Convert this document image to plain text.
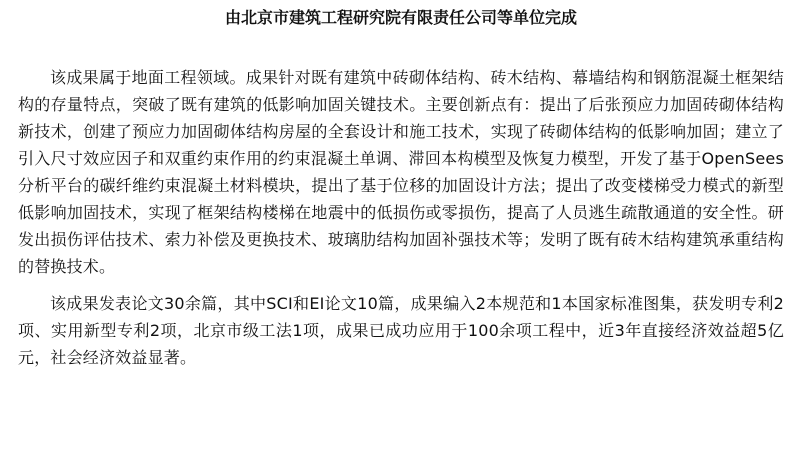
由北京市建筑工程研究院有限责任公司等单位完成

该成果属于地面工程领域。成果针对既有建筑中砖砌体结构、砖木结构、幕墙结构和钢筋混凝土框架结构的存量特点，突破了既有建筑的低影响加固关键技术。主要创新点有：提出了后张预应力加固砖砌体结构新技术，创建了预应力加固砌体结构房屋的全套设计和施工技术，实现了砖砌体结构的低影响加固；建立了引入尺寸效应因子和双重约束作用的约束混凝土单调、滞回本构模型及恢复力模型，开发了基于OpenSees分析平台的碳纤维约束混凝土材料模块，提出了基于位移的加固设计方法；提出了改变楼梯受力模式的新型低影响加固技术，实现了框架结构楼梯在地震中的低损伤或零损伤，提高了人员逃生疏散通道的安全性。研发出损伤评估技术、索力补偿及更换技术、玻璃肋结构加固补强技术等；发明了既有砖木结构建筑承重结构的替换技术。

该成果发表论文30余篇，其中SCI和EI论文10篇，成果编入2本规范和1本国家标准图集，获发明专利2项、实用新型专利2项，北京市级工法1项，成果已成功应用于100余项工程中，近3年直接经济效益超5亿元，社会经济效益显著。
